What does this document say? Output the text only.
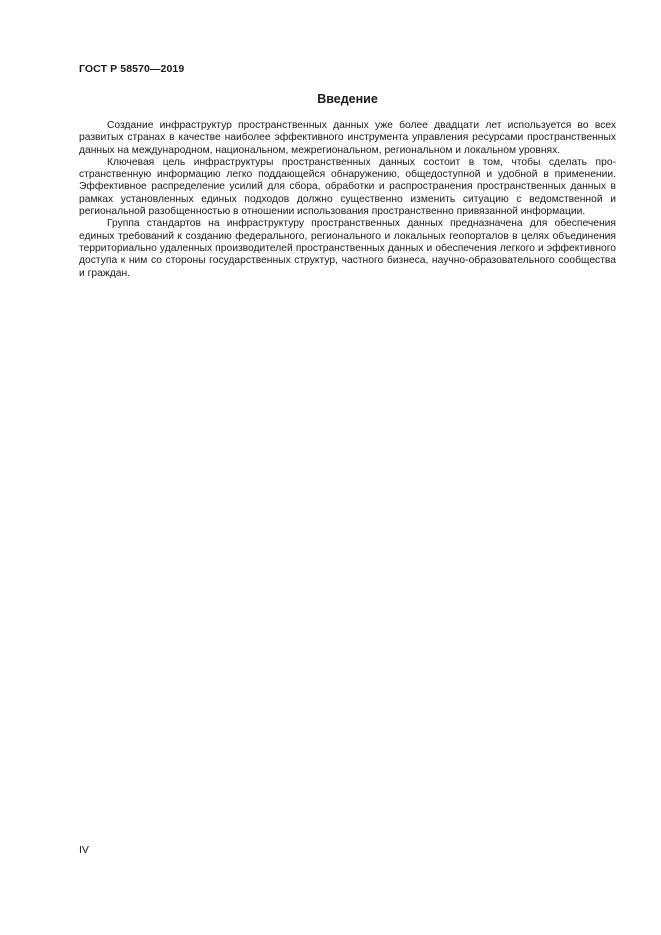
ГОСТ Р 58570—2019
Введение

Создание инфраструктур пространственных данных уже более двадцати лет используется во всех развитых странах в качестве наиболее эффективного инструмента управления ресурсами пространственных данных на международном, национальном, межрегиональном, региональном и локальном уровнях.

Ключевая цель инфраструктуры пространственных данных состоит в том, чтобы сделать пространственную информацию легко поддающейся обнаружению, общедоступной и удобной в применении. Эффективное распределение усилий для сбора, обработки и распространения пространственных данных в рамках установленных единых подходов должно существенно изменить ситуацию с ведомственной и региональной разобщенностью в отношении использования пространственно привязанной информации.

Группа стандартов на инфраструктуру пространственных данных предназначена для обеспечения единых требований к созданию федерального, регионального и локальных геопорталов в целях объединения территориально удаленных производителей пространственных данных и обеспечения легкого и эффективного доступа к ним со стороны государственных структур, частного бизнеса, научно-образовательного сообщества и граждан.

IV
